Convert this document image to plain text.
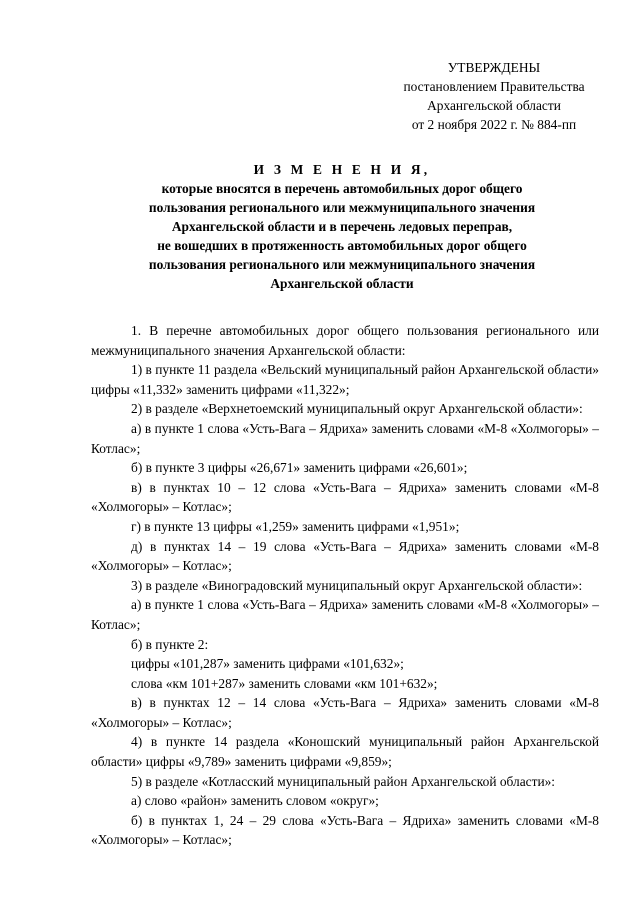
УТВЕРЖДЕНЫ
постановлением Правительства
Архангельской области
от 2 ноября 2022 г. № 884-пп
И З М Е Н Е Н И Я,
которые вносятся в перечень автомобильных дорог общего
пользования регионального или межмуниципального значения
Архангельской области и в перечень ледовых переправ,
не вошедших в протяженность автомобильных дорог общего
пользования регионального или межмуниципального значения
Архангельской области

1. В перечне автомобильных дорог общего пользования регионального или межмуниципального значения Архангельской области:

1) в пункте 11 раздела «Вельский муниципальный район Архангельской области» цифры «11,332» заменить цифрами «11,322»;

2) в разделе «Верхнетоемский муниципальный округ Архангельской области»:

а) в пункте 1 слова «Усть-Вага – Ядриха» заменить словами «М-8 «Холмогоры» – Котлас»;

б) в пункте 3 цифры «26,671» заменить цифрами «26,601»;

в) в пунктах 10 – 12 слова «Усть-Вага – Ядриха» заменить словами «М-8 «Холмогоры» – Котлас»;

г) в пункте 13 цифры «1,259» заменить цифрами «1,951»;

д) в пунктах 14 – 19 слова «Усть-Вага – Ядриха» заменить словами «М-8 «Холмогоры» – Котлас»;

3) в разделе «Виноградовский муниципальный округ Архангельской области»:

а) в пункте 1 слова «Усть-Вага – Ядриха» заменить словами «М-8 «Холмогоры» – Котлас»;

б) в пункте 2:

цифры «101,287» заменить цифрами «101,632»;

слова «км 101+287» заменить словами «км 101+632»;

в) в пунктах 12 – 14 слова «Усть-Вага – Ядриха» заменить словами «М-8 «Холмогоры» – Котлас»;

4) в пункте 14 раздела «Коношский муниципальный район Архангельской области» цифры «9,789» заменить цифрами «9,859»;

5) в разделе «Котласский муниципальный район Архангельской области»:

а) слово «район» заменить словом «округ»;

б) в пунктах 1, 24 – 29 слова «Усть-Вага – Ядриха» заменить словами «М-8 «Холмогоры» – Котлас»;
